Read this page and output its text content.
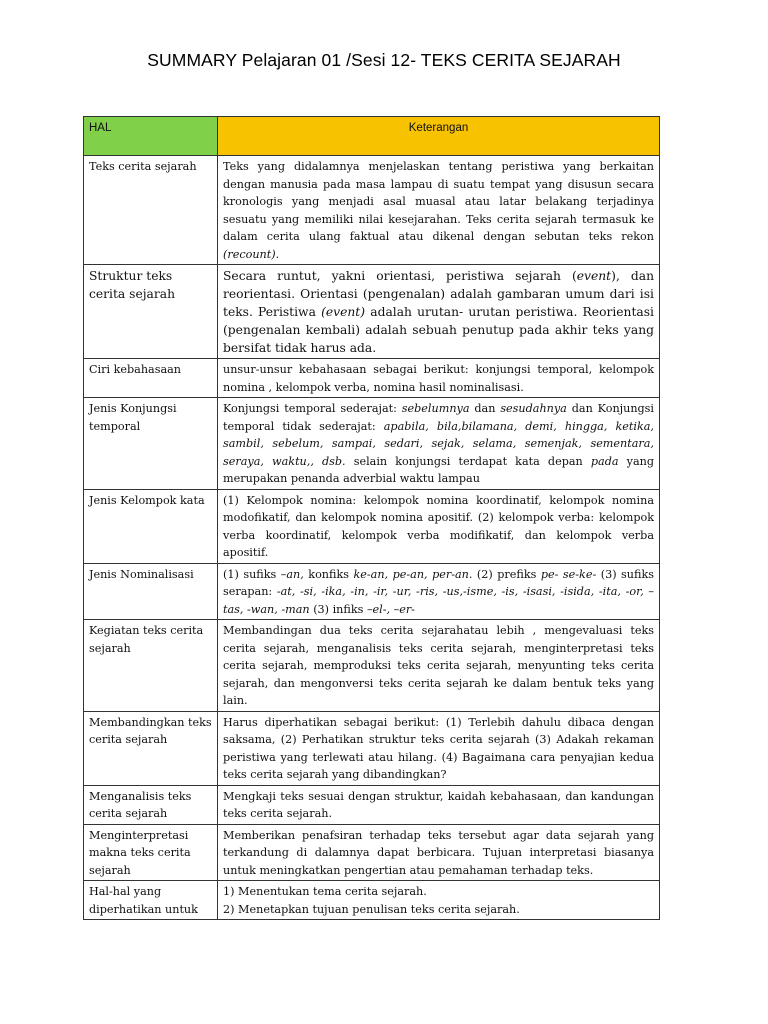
SUMMARY Pelajaran 01 /Sesi 12- TEKS CERITA SEJARAH
HAL	Keterangan
Teks cerita sejarah	Teks yang didalamnya menjelaskan tentang peristiwa yang berkaitan dengan manusia pada masa lampau di suatu tempat yang disusun secara kronologis yang menjadi asal muasal atau latar belakang terjadinya sesuatu yang memiliki nilai kesejarahan. Teks cerita sejarah termasuk ke dalam cerita ulang faktual atau dikenal dengan sebutan teks rekon (recount).
Struktur teks cerita sejarah	Secara runtut, yakni orientasi, peristiwa sejarah (event), dan reorientasi. Orientasi (pengenalan) adalah gambaran umum dari isi teks. Peristiwa (event) adalah urutan- urutan peristiwa. Reorientasi (pengenalan kembali) adalah sebuah penutup pada akhir teks yang bersifat tidak harus ada.
Ciri kebahasaan	unsur-unsur kebahasaan sebagai berikut: konjungsi temporal, kelompok nomina , kelompok verba, nomina hasil nominalisasi.
Jenis Konjungsi temporal	Konjungsi temporal sederajat: sebelumnya dan sesudahnya dan Konjungsi temporal tidak sederajat: apabila, bila,bilamana, demi, hingga, ketika, sambil, sebelum, sampai, sedari, sejak, selama, semenjak, sementara, seraya, waktu,, dsb. selain konjungsi terdapat kata depan pada yang merupakan penanda adverbial waktu lampau
Jenis Kelompok kata	(1) Kelompok nomina: kelompok nomina koordinatif, kelompok nomina modofikatif, dan kelompok nomina apositif. (2) kelompok verba: kelompok verba koordinatif, kelompok verba modifikatif, dan kelompok verba apositif.
Jenis Nominalisasi	(1) sufiks –an, konfiks ke-an, pe-an, per-an. (2) prefiks pe- se-ke- (3) sufiks serapan: -at, -si, -ika, -in, -ir, -ur, -ris, -us,-isme, -is, -isasi, -isida, -ita, -or, –tas, -wan, -man (3) infiks –el-, –er-
Kegiatan teks cerita sejarah	Membandingan dua teks cerita sejarahatau lebih , mengevaluasi teks cerita sejarah, menganalisis teks cerita sejarah, menginterpretasi teks cerita sejarah, memproduksi teks cerita sejarah, menyunting teks cerita sejarah, dan mengonversi teks cerita sejarah ke dalam bentuk teks yang lain.
Membandingkan teks cerita sejarah	Harus diperhatikan sebagai berikut: (1) Terlebih dahulu dibaca dengan saksama, (2) Perhatikan struktur teks cerita sejarah (3) Adakah rekaman peristiwa yang terlewati atau hilang. (4) Bagaimana cara penyajian kedua teks cerita sejarah yang dibandingkan?
Menganalisis teks cerita sejarah	Mengkaji teks sesuai dengan struktur, kaidah kebahasaan, dan kandungan teks cerita sejarah.
Menginterpretasi makna teks cerita sejarah	Memberikan penafsiran terhadap teks tersebut agar data sejarah yang terkandung di dalamnya dapat berbicara. Tujuan interpretasi biasanya untuk meningkatkan pengertian atau pemahaman terhadap teks.
Hal-hal yang diperhatikan untuk	1) Menentukan tema cerita sejarah.
2) Menetapkan tujuan penulisan teks cerita sejarah.
